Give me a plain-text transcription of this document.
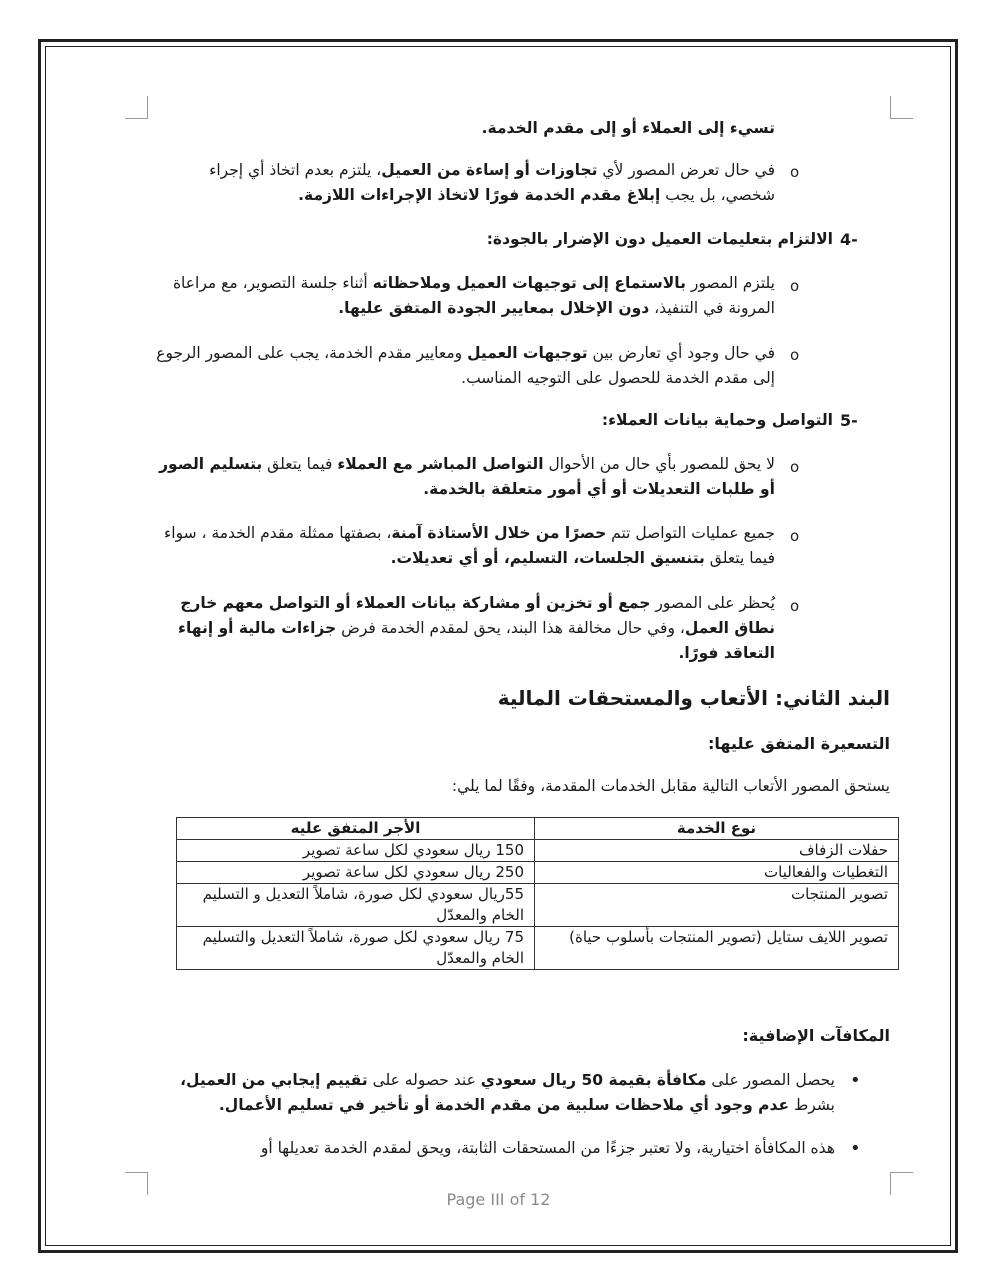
تسيء إلى العملاء أو إلى مقدم الخدمة.
o
في حال تعرض المصور لأي تجاوزات أو إساءة من العميل، يلتزم بعدم اتخاذ أي إجراء شخصي، بل يجب إبلاغ مقدم الخدمة فورًا لاتخاذ الإجراءات اللازمة.
4-
الالتزام بتعليمات العميل دون الإضرار بالجودة:
o
يلتزم المصور بالاستماع إلى توجيهات العميل وملاحظاته أثناء جلسة التصوير، مع مراعاة المرونة في التنفيذ، دون الإخلال بمعايير الجودة المتفق عليها.
o
في حال وجود أي تعارض بين توجيهات العميل ومعايير مقدم الخدمة، يجب على المصور الرجوع إلى مقدم الخدمة للحصول على التوجيه المناسب.
5-
التواصل وحماية بيانات العملاء:
o
لا يحق للمصور بأي حال من الأحوال التواصل المباشر مع العملاء فيما يتعلق بتسليم الصور أو طلبات التعديلات أو أي أمور متعلقة بالخدمة.
o
جميع عمليات التواصل تتم حصرًا من خلال الأستاذة آمنة، بصفتها ممثلة مقدم الخدمة ، سواء فيما يتعلق بتنسيق الجلسات، التسليم، أو أي تعديلات.
o
يُحظر على المصور جمع أو تخزين أو مشاركة بيانات العملاء أو التواصل معهم خارج نطاق العمل، وفي حال مخالفة هذا البند، يحق لمقدم الخدمة فرض جزاءات مالية أو إنهاء التعاقد فورًا.
البند الثاني: الأتعاب والمستحقات المالية
التسعيرة المتفق عليها:
يستحق المصور الأتعاب التالية مقابل الخدمات المقدمة، وفقًا لما يلي:
نوع الخدمة	الأجر المتفق عليه
حفلات الزفاف	150 ريال سعودي لكل ساعة تصوير
التغطيات والفعاليات	250 ريال سعودي لكل ساعة تصوير
تصوير المنتجات	55ريال سعودي لكل صورة، شاملاً التعديل و التسليم الخام والمعدّل
تصوير اللايف ستايل (تصوير المنتجات بأسلوب حياة)	75 ريال سعودي لكل صورة، شاملاً التعديل والتسليم الخام والمعدّل
المكافآت الإضافية:
•
يحصل المصور على مكافأة بقيمة 50 ريال سعودي عند حصوله على تقييم إيجابي من العميل، بشرط عدم وجود أي ملاحظات سلبية من مقدم الخدمة أو تأخير في تسليم الأعمال.
•
هذه المكافأة اختيارية، ولا تعتبر جزءًا من المستحقات الثابتة، ويحق لمقدم الخدمة تعديلها أو
Page III of 12
